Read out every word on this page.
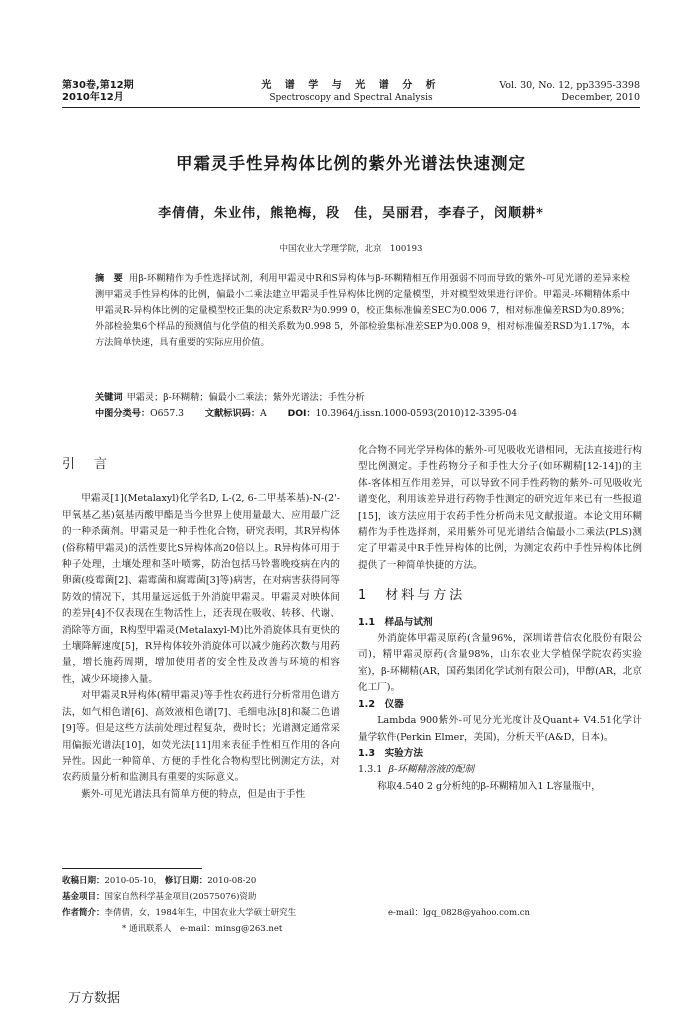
第30卷,第12期
2010年12月
光 谱 学 与 光 谱 分 析
Spectroscopy and Spectral Analysis
Vol. 30, No. 12, pp3395-3398
December, 2010
甲霜灵手性异构体比例的紫外光谱法快速测定
李倩倩，朱业伟，熊艳梅，段　佳，吴丽君，李春子，闵顺耕*
中国农业大学理学院，北京　100193
摘　要 用β-环糊精作为手性选择试剂，利用甲霜灵中R和S异构体与β-环糊精相互作用强弱不同而导致的紫外-可见光谱的差异来检测甲霜灵手性异构体的比例，偏最小二乘法建立甲霜灵手性异构体比例的定量模型，并对模型效果进行评价。甲霜灵-环糊精体系中甲霜灵R-异构体比例的定量模型校正集的决定系数R²为0.999 0，校正集标准偏差SEC为0.006 7，相对标准偏差RSD为0.89%；外部检验集6个样品的预测值与化学值的相关系数为0.998 5，外部检验集标准差SEP为0.008 9，相对标准偏差RSD为1.17%，本方法简单快速，具有重要的实际应用价值。
关键词 甲霜灵；β-环糊精；偏最小二乘法；紫外光谱法；手性分析
中图分类号：O657.3 文献标识码：A DOI：10.3964/j.issn.1000-0593(2010)12-3395-04
引　言

甲霜灵[1](Metalaxyl)化学名D, L-(2, 6-二甲基苯基)-N-(2'-甲氧基乙基)氨基丙酸甲酯是当今世界上使用量最大、应用最广泛的一种杀菌剂。甲霜灵是一种手性化合物，研究表明，其R异构体(俗称精甲霜灵)的活性要比S异构体高20倍以上。R异构体可用于种子处理，土壤处理和茎叶喷雾，防治包括马铃薯晚疫病在内的卵菌(疫霉菌[2]、霜霉菌和腐霉菌[3]等)病害，在对病害获得同等防效的情况下，其用量远远低于外消旋甲霜灵。甲霜灵对映体间的差异[4]不仅表现在生物活性上，还表现在吸收、转移、代谢、消除等方面，R构型甲霜灵(Metalaxyl-M)比外消旋体具有更快的土壤降解速度[5]，R异构体较外消旋体可以减少施药次数与用药量，增长施药周期，增加使用者的安全性及改善与环境的相容性，减少环境掺入量。

对甲霜灵R异构体(精甲霜灵)等手性农药进行分析常用色谱方法，如气相色谱[6]、高效液相色谱[7]、毛细电泳[8]和凝二色谱[9]等。但是这些方法前处理过程复杂，费时长；光谱测定通常采用偏振光谱法[10]，如荧光法[11]用来表征手性相互作用的各向异性。因此一种简单、方便的手性化合物构型比例测定方法，对农药质量分析和监测具有重要的实际意义。

紫外-可见光谱法具有简单方便的特点，但是由于手性

化合物不同光学异构体的紫外-可见吸收光谱相同，无法直接进行构型比例测定。手性药物分子和手性大分子(如环糊精[12-14])的主体-客体相互作用差异，可以导致不同手性药物的紫外-可见吸收光谱变化，利用该差异进行药物手性测定的研究近年来已有一些报道[15]，该方法应用于农药手性分析尚未见文献报道。本论文用环糊精作为手性选择剂，采用紫外可见光谱结合偏最小二乘法(PLS)测定了甲霜灵中R手性异构体的比例，为测定农药中手性异构体比例提供了一种简单快捷的方法。

1　材料与方法
1.1　样品与试剂

外消旋体甲霜灵原药(含量96%，深圳诺普信农化股份有限公司)，精甲霜灵原药(含量98%，山东农业大学植保学院农药实验室)，β-环糊精(AR，国药集团化学试剂有限公司)，甲醇(AR，北京化工厂)。

1.2　仪器

Lambda 900紫外-可见分光光度计及Quant+ V4.51化学计量学软件(Perkin Elmer，美国)，分析天平(A&D，日本)。

1.3　实验方法
1.3.1 β-环糊精溶液的配制

称取4.540 2 g分析纯的β-环糊精加入1 L容量瓶中，

收稿日期：2010-05-10， 修订日期：2010-08-20
基金项目：国家自然科学基金项目(20575076)资助
作者简介：李倩倩，女，1984年生，中国农业大学硕士研究生	e-mail：lgq_0828@yahoo.com.cn
* 通讯联系人　e-mail：minsg@263.net
万方数据
